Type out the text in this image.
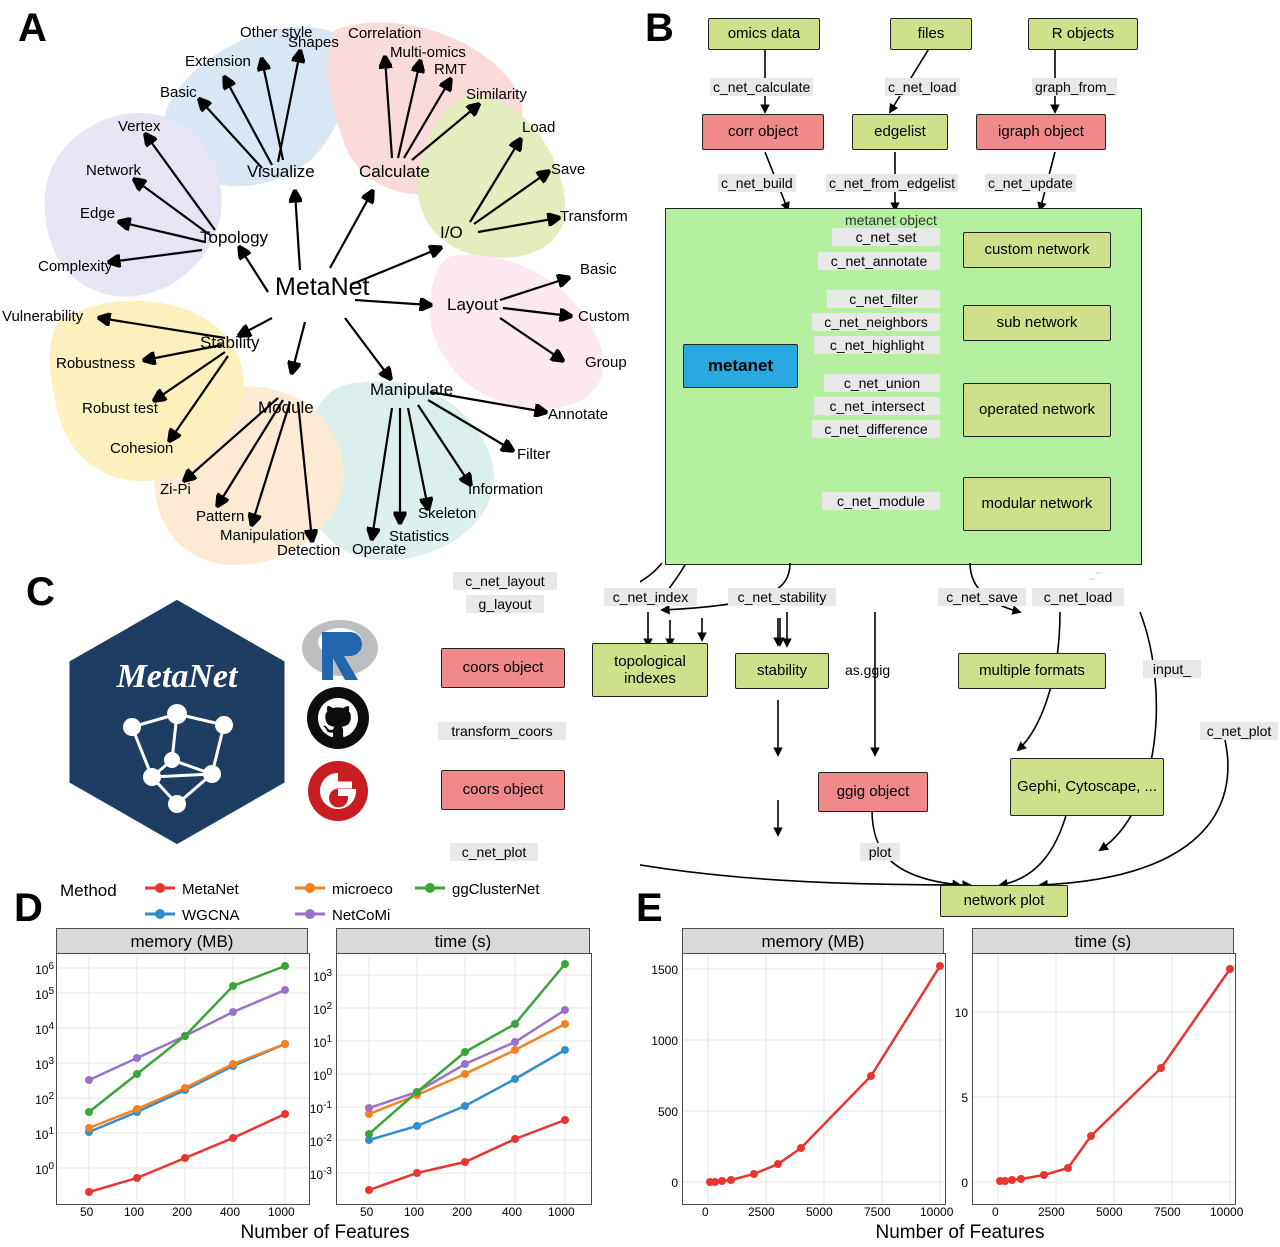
A	B
C
D	E
MetaNet
Visualize	Calculate
I/O
Layout
Manipulate
Module
Stability
Topology
Other style
Shapes
Extension
Basic
Correlation
Multi-omics
RMT
Similarity
Load
Save
Transform
Basic
Custom
Group
Annotate
Filter
Information
Skeleton
Statistics
Operate
Zi-Pi
Pattern
Manipulation
Detection
Vulnerability
Robustness
Robust test
Cohesion
Vertex
Network
Edge
Complexity
omics data	files	R objects
c_net_calculate	c_net_load	graph_from_
corr object	edgelist	igraph object
c_net_build	c_net_from_edgelist c_net_update
metanet object
metanet
c_net_set
c_net_annotate
custom network
c_net_filter
c_net_neighbors
c_net_highlight
sub network
c_net_union
c_net_intersect
c_net_difference
operated network
c_net_module	modular network
c_net_layout
g_layout	c_net_index	c_net_stability	c_net_save	c_net_load
as.ggig	input_
c_net_plot
transform_coors
c_net_plot	plot
coors object	topological indexes	stability	multiple formats
coors object	ggig object	Gephi, Cytoscape, ...
network plot
MetaNet
Method	MetaNet	microeco	ggClusterNet
WGCNA	NetCoMi
memory (MB)
$10^6$
$10^5$
$10^4$
$10^3$
$10^2$
$10^1$
$10^0$
50	100 200 400 1000
time (s)
$10^3$
$10^2$
$10^1$
$10^0$
$10^{-1}$
$10^{-2}$
$10^{-3}$
50	100 200 400 1000
Number of Features
memory (MB)
1500
1000
500
0
0	2500	5000	7500 10000
time (s)
10
5
0
0	2500	5000	7500 10000
Number of Features
